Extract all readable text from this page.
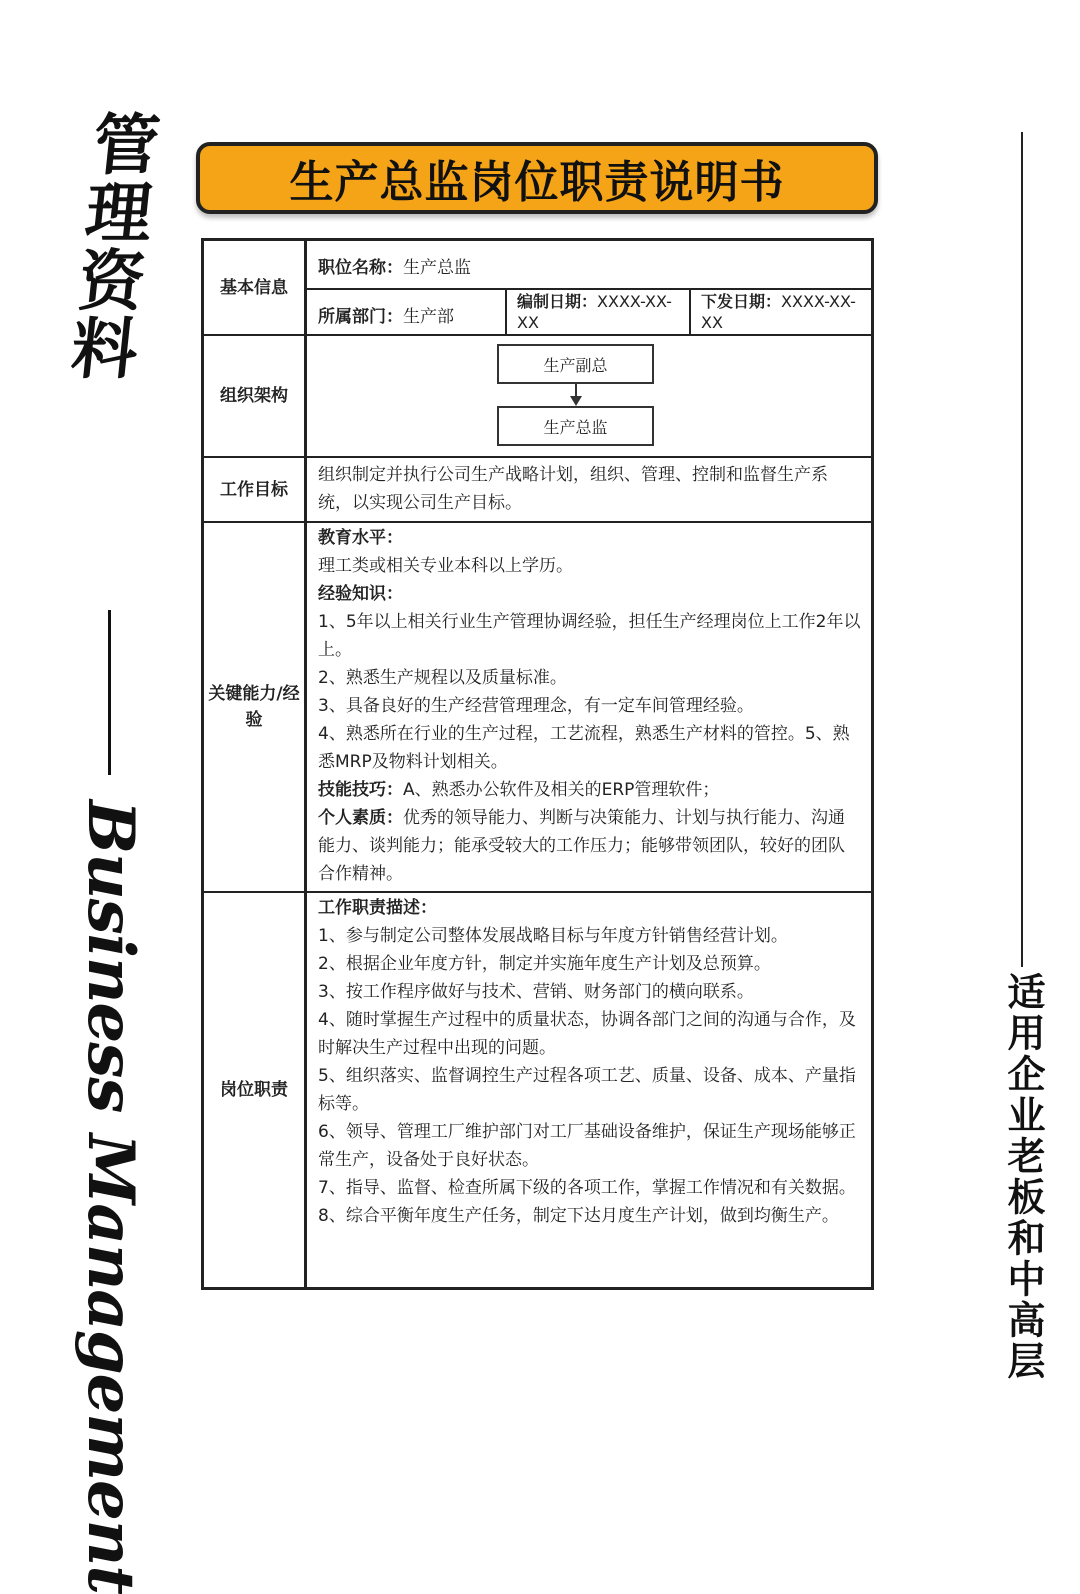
管理资料
Business Management	适用企业老板和中高层
生产总监岗位职责说明书
基本信息
职位名称：生产总监
所属部门：生产部
编制日期：XXXX-XX-XX
下发日期：XXXX-XX-XX
组织架构
生产副总
生产总监
工作目标
组织制定并执行公司生产战略计划，组织、管理、控制和监督生产系统，以实现公司生产目标。
关键能力/经验

教育水平：

理工类或相关专业本科以上学历。

经验知识：

1、5年以上相关行业生产管理协调经验，担任生产经理岗位上工作2年以上。

2、熟悉生产规程以及质量标准。

3、具备良好的生产经营管理理念，有一定车间管理经验。

4、熟悉所在行业的生产过程，工艺流程，熟悉生产材料的管控。5、熟悉MRP及物料计划相关。

技能技巧：A、熟悉办公软件及相关的ERP管理软件；

个人素质：优秀的领导能力、判断与决策能力、计划与执行能力、沟通能力、谈判能力；能承受较大的工作压力；能够带领团队，较好的团队合作精神。

岗位职责

工作职责描述：

1、参与制定公司整体发展战略目标与年度方针销售经营计划。

2、根据企业年度方针，制定并实施年度生产计划及总预算。

3、按工作程序做好与技术、营销、财务部门的横向联系。

4、随时掌握生产过程中的质量状态，协调各部门之间的沟通与合作，及时解决生产过程中出现的问题。

5、组织落实、监督调控生产过程各项工艺、质量、设备、成本、产量指标等。

6、领导、管理工厂维护部门对工厂基础设备维护，保证生产现场能够正常生产，设备处于良好状态。

7、指导、监督、检查所属下级的各项工作，掌握工作情况和有关数据。

8、综合平衡年度生产任务，制定下达月度生产计划，做到均衡生产。
